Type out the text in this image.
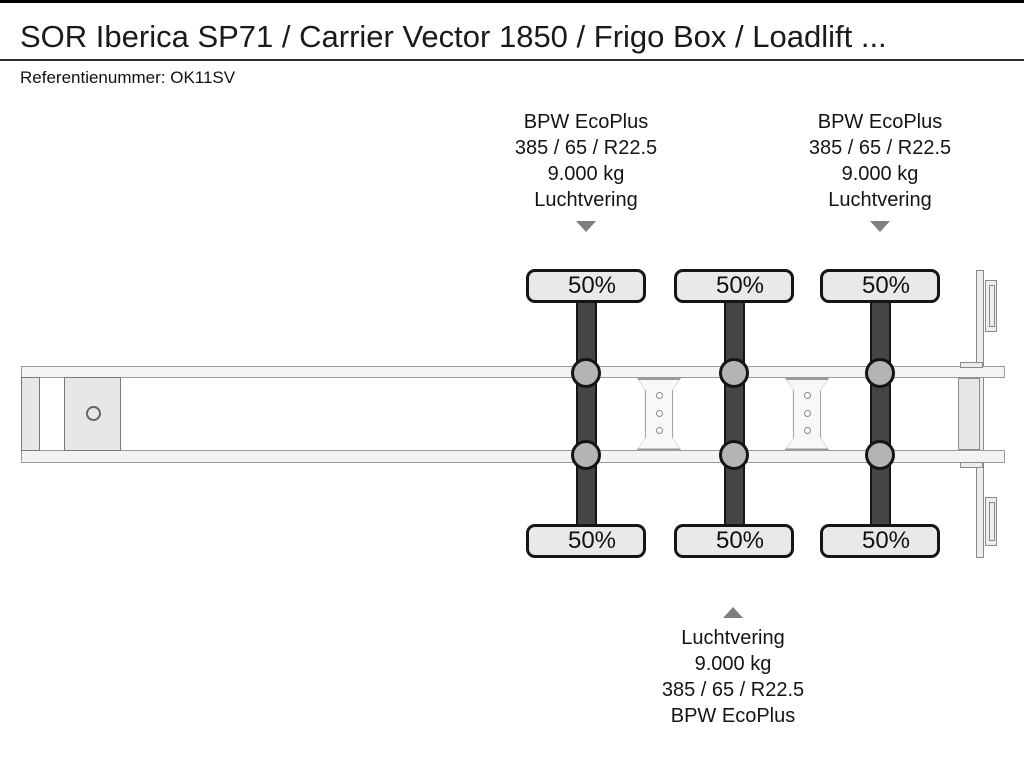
SOR Iberica SP71 / Carrier Vector 1850 / Frigo Box / Loadlift ...
Referentienummer: OK11SV
BPW EcoPlus
385 / 65 / R22.5
9.000 kg
Luchtvering
BPW EcoPlus
385 / 65 / R22.5
9.000 kg
Luchtvering
50%	50%	50%
50%	50%	50%
Luchtvering
9.000 kg
385 / 65 / R22.5
BPW EcoPlus
